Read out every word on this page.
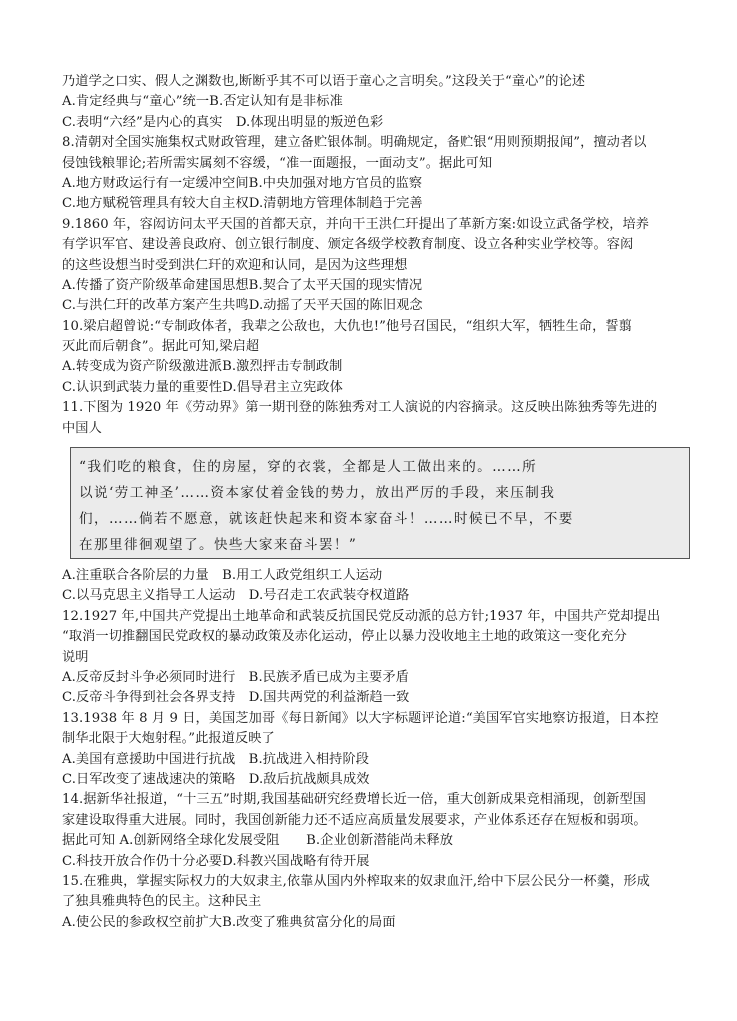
乃道学之口实、假人之渊数也,断断乎其不可以语于童心之言明矣。”这段关于“童心”的论述
A.肯定经典与“童心”统一B.否定认知有是非标准
C.表明“六经”是内心的真实　D.体现出明显的叛逆色彩
8.清朝对全国实施集权式财政管理，建立备贮银体制。明确规定，备贮银“用则预期报闻”，擅动者以
侵蚀钱粮罪论;若所需实属刻不容缓，“准一面题报，一面动支”。据此可知
A.地方财政运行有一定缓冲空间B.中央加强对地方官员的监察
C.地方赋税管理具有较大自主权D.清朝地方管理体制趋于完善
9.1860 年，容闳访问太平天国的首都天京，并向干王洪仁玕提出了革新方案:如设立武备学校，培养
有学识军官、建设善良政府、创立银行制度、颁定各级学校教育制度、设立各种实业学校等。容闳
的这些设想当时受到洪仁玕的欢迎和认同，是因为这些理想
A.传播了资产阶级革命建国思想B.契合了太平天国的现实情况
C.与洪仁玕的改革方案产生共鸣D.动摇了天平天国的陈旧观念
10.梁启超曾说:“专制政体者，我辈之公敌也，大仇也!”他号召国民，“组织大军，牺牲生命，誓翦
灭此而后朝食”。据此可知,梁启超
A.转变成为资产阶级激进派B.激烈抨击专制政制
C.认识到武装力量的重要性D.倡导君主立宪政体
11.下图为 1920 年《劳动界》第一期刊登的陈独秀对工人演说的内容摘录。这反映出陈独秀等先进的
中国人
“我们吃的粮食，住的房屋，穿的衣裳，全都是人工做出来的。……所
以说‘劳工神圣’……资本家仗着金钱的势力，放出严厉的手段，来压制我
们，……倘若不愿意，就该赶快起来和资本家奋斗！……时候已不早，不要
在那里徘徊观望了。快些大家来奋斗罢！”
A.注重联合各阶层的力量　B.用工人政党组织工人运动
C.以马克思主义指导工人运动　D.号召走工农武装夺权道路
12.1927 年,中国共产党提出土地革命和武装反抗国民党反动派的总方针;1937 年，中国共产党却提出
“取消一切推翻国民党政权的暴动政策及赤化运动，停止以暴力没收地主土地的政策这一变化充分
说明
A.反帝反封斗争必须同时进行　B.民族矛盾已成为主要矛盾
C.反帝斗争得到社会各界支持　D.国共两党的利益渐趋一致
13.1938 年 8 月 9 日，美国芝加哥《每日新闻》以大字标题评论道:“美国军官实地察访报道，日本控
制华北限于大炮射程。”此报道反映了
A.美国有意援助中国进行抗战　B.抗战进入相持阶段
C.日军改变了速战速决的策略　D.敌后抗战颇具成效
14.据新华社报道，“十三五”时期,我国基础研究经费增长近一倍，重大创新成果竞相涌现，创新型国
家建设取得重大进展。同时，我国创新能力还不适应高质量发展要求，产业体系还存在短板和弱项。
据此可知 A.创新网络全球化发展受阻　　B.企业创新潜能尚未释放
C.科技开放合作仍十分必要D.科教兴国战略有待开展
15.在雅典，掌握实际权力的大奴隶主,依靠从国内外榨取来的奴隶血汗,给中下层公民分一杯羹，形成
了独具雅典特色的民主。这种民主
A.使公民的参政权空前扩大B.改变了雅典贫富分化的局面
